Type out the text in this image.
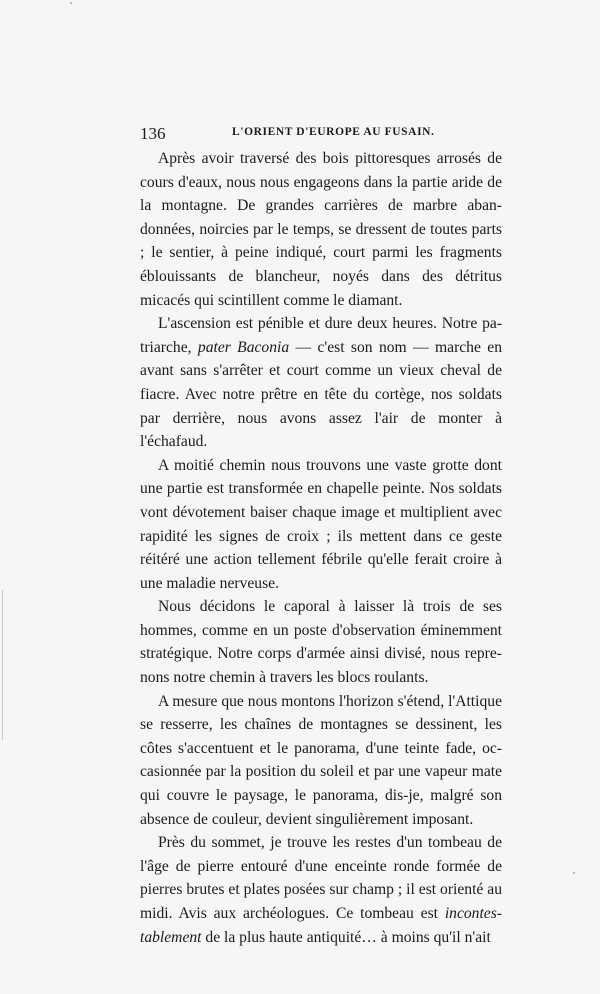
136	L'ORIENT D'EUROPE AU FUSAIN.

Après avoir traversé des bois pittoresques arrosés de cours d'eaux, nous nous engageons dans la partie aride de la montagne. De grandes carrières de marbre abandonnées, noircies par le temps, se dressent de toutes parts ; le sentier, à peine indiqué, court parmi les fragments éblouissants de blancheur, noyés dans des détritus micacés qui scintillent comme le diamant.

L'ascension est pénible et dure deux heures. Notre patriarche, pater Baconia — c'est son nom — marche en avant sans s'arrêter et court comme un vieux cheval de fiacre. Avec notre prêtre en tête du cortège, nos soldats par derrière, nous avons assez l'air de monter à l'échafaud.

A moitié chemin nous trouvons une vaste grotte dont une partie est transformée en chapelle peinte. Nos soldats vont dévotement baiser chaque image et multiplient avec rapidité les signes de croix ; ils mettent dans ce geste réitéré une action tellement fébrile qu'elle ferait croire à une maladie nerveuse.

Nous décidons le caporal à laisser là trois de ses hommes, comme en un poste d'observation éminemment stratégique. Notre corps d'armée ainsi divisé, nous reprenons notre chemin à travers les blocs roulants.

A mesure que nous montons l'horizon s'étend, l'Attique se resserre, les chaînes de montagnes se dessinent, les côtes s'accentuent et le panorama, d'une teinte fade, occasionnée par la position du soleil et par une vapeur mate qui couvre le paysage, le panorama, dis-je, malgré son absence de couleur, devient singulièrement imposant.

Près du sommet, je trouve les restes d'un tombeau de l'âge de pierre entouré d'une enceinte ronde formée de pierres brutes et plates posées sur champ ; il est orienté au midi. Avis aux archéologues. Ce tombeau est incontestablement de la plus haute antiquité… à moins qu'il n'ait
